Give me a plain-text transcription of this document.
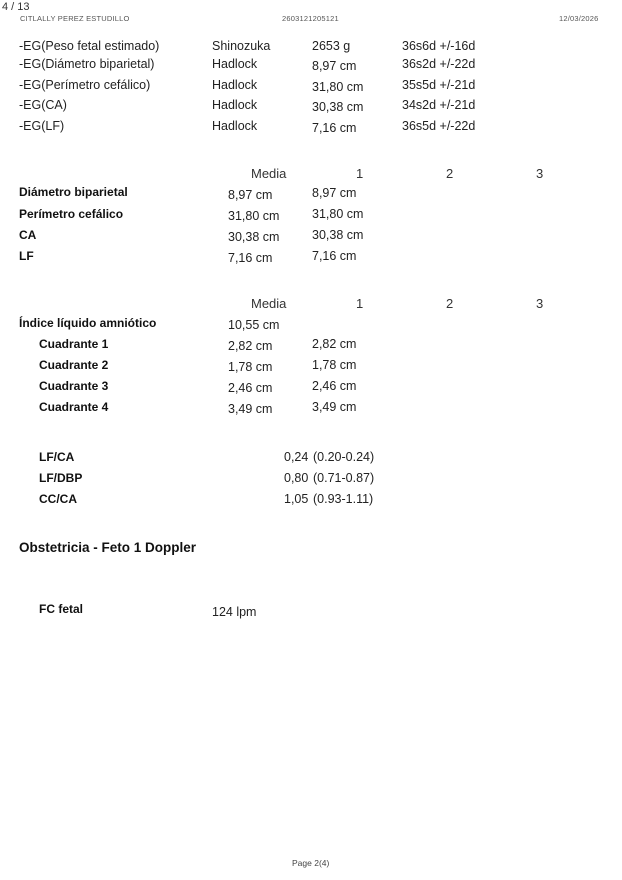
4 / 13
CITLALLY PEREZ ESTUDILLO	2603121205121	12/03/2026
-EG(Peso fetal estimado)	Shinozuka	2653 g	36s6d +/-16d
-EG(Diámetro biparietal)	Hadlock	8,97 cm	36s2d +/-22d
-EG(Perímetro cefálico)	Hadlock	31,80 cm	35s5d +/-21d
-EG(CA)	Hadlock	30,38 cm	34s2d +/-21d
-EG(LF)	Hadlock	7,16 cm	36s5d +/-22d
Media	1	2	3
Diámetro biparietal	8,97 cm	8,97 cm
Perímetro cefálico	31,80 cm	31,80 cm
CA	30,38 cm	30,38 cm
LF	7,16 cm	7,16 cm
Media	1	2	3
Índice líquido amniótico	10,55 cm
Cuadrante 1	2,82 cm	2,82 cm
Cuadrante 2	1,78 cm	1,78 cm
Cuadrante 3	2,46 cm	2,46 cm
Cuadrante 4	3,49 cm	3,49 cm
LF/CA	0,24 (0.20-0.24)
LF/DBP	0,80 (0.71-0.87)
CC/CA	1,05 (0.93-1.11)
Obstetricia - Feto 1 Doppler
FC fetal	124 lpm
Page 2(4)
